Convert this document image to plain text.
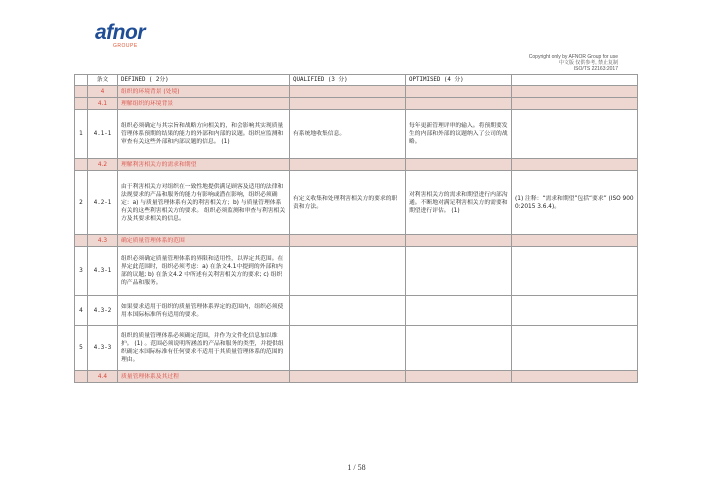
afnor
GROUPE
Copyright only by AFNOR Group for use
中文版 仅供参考, 禁止复制
ISO/TS 22163:2017
	条文	DEFINED ( 2分)	QUALIFIED (3 分)	OPTIMISED (4 分)	
	4	组织的环境背景 (处境)			
	4.1	理解组织的环境背景			
1	4.1-1	组织必须确定与其宗旨和战略方向相关的，和会影响其实现质量管理体系预期的结果的能力的外部和内部的议题。组织应监测和审查有关这些外部和内部议题的信息。 (1)	有系统地收集信息。	每年更新管理评审的输入。将预期要发生的内部和外部的议题纳入了公司的战略。	
	4.2	理解利害相关方的需求和期望			
2	4.2-1	由于利害相关方对组织在一致性地提供满足顾客及适用的法律和法规要求的产品和服务的能力有影响或潜在影响，组织必须确定：a) 与质量管理体系有关的利害相关方；b) 与质量管理体系有关的这些利害相关方的要求。 组织必须监测和审查与利害相关方及其要求相关的信息。	有定义收集和处理利害相关方的要求的职责和方法。	对利害相关方的需求和期望进行内部沟通。不断地对满足利害相关方的需要和期望进行评估。 (1)	(1) 注释：“需求和期望”包括“要求” (ISO 9000:2015 3.6.4)。
	4.3	确定质量管理体系的范围			
3	4.3-1	组织必须确定质量管理体系的界限和适用性，以界定其范围。在界定此范围时，组织必须考虑：a) 在条文4.1中提到的外部和内部的议题; b) 在条文4.2 中所述有关利害相关方的要求; c) 组织的产品和服务。			
4	4.3-2	如果要求适用于组织的质量管理体系界定的范围内，组织必须使用本国际标准所有适用的要求。			
5	4.3-3	组织的质量管理体系必须确定范围，并作为文件化信息加以维护。 (1) 。范围必须说明所涵盖的产品和服务的类型，并提供组织确定本国际标准有任何要求不适用于其质量管理体系的范围的理由。			
	4.4	质量管理体系及其过程			
1 / 58
